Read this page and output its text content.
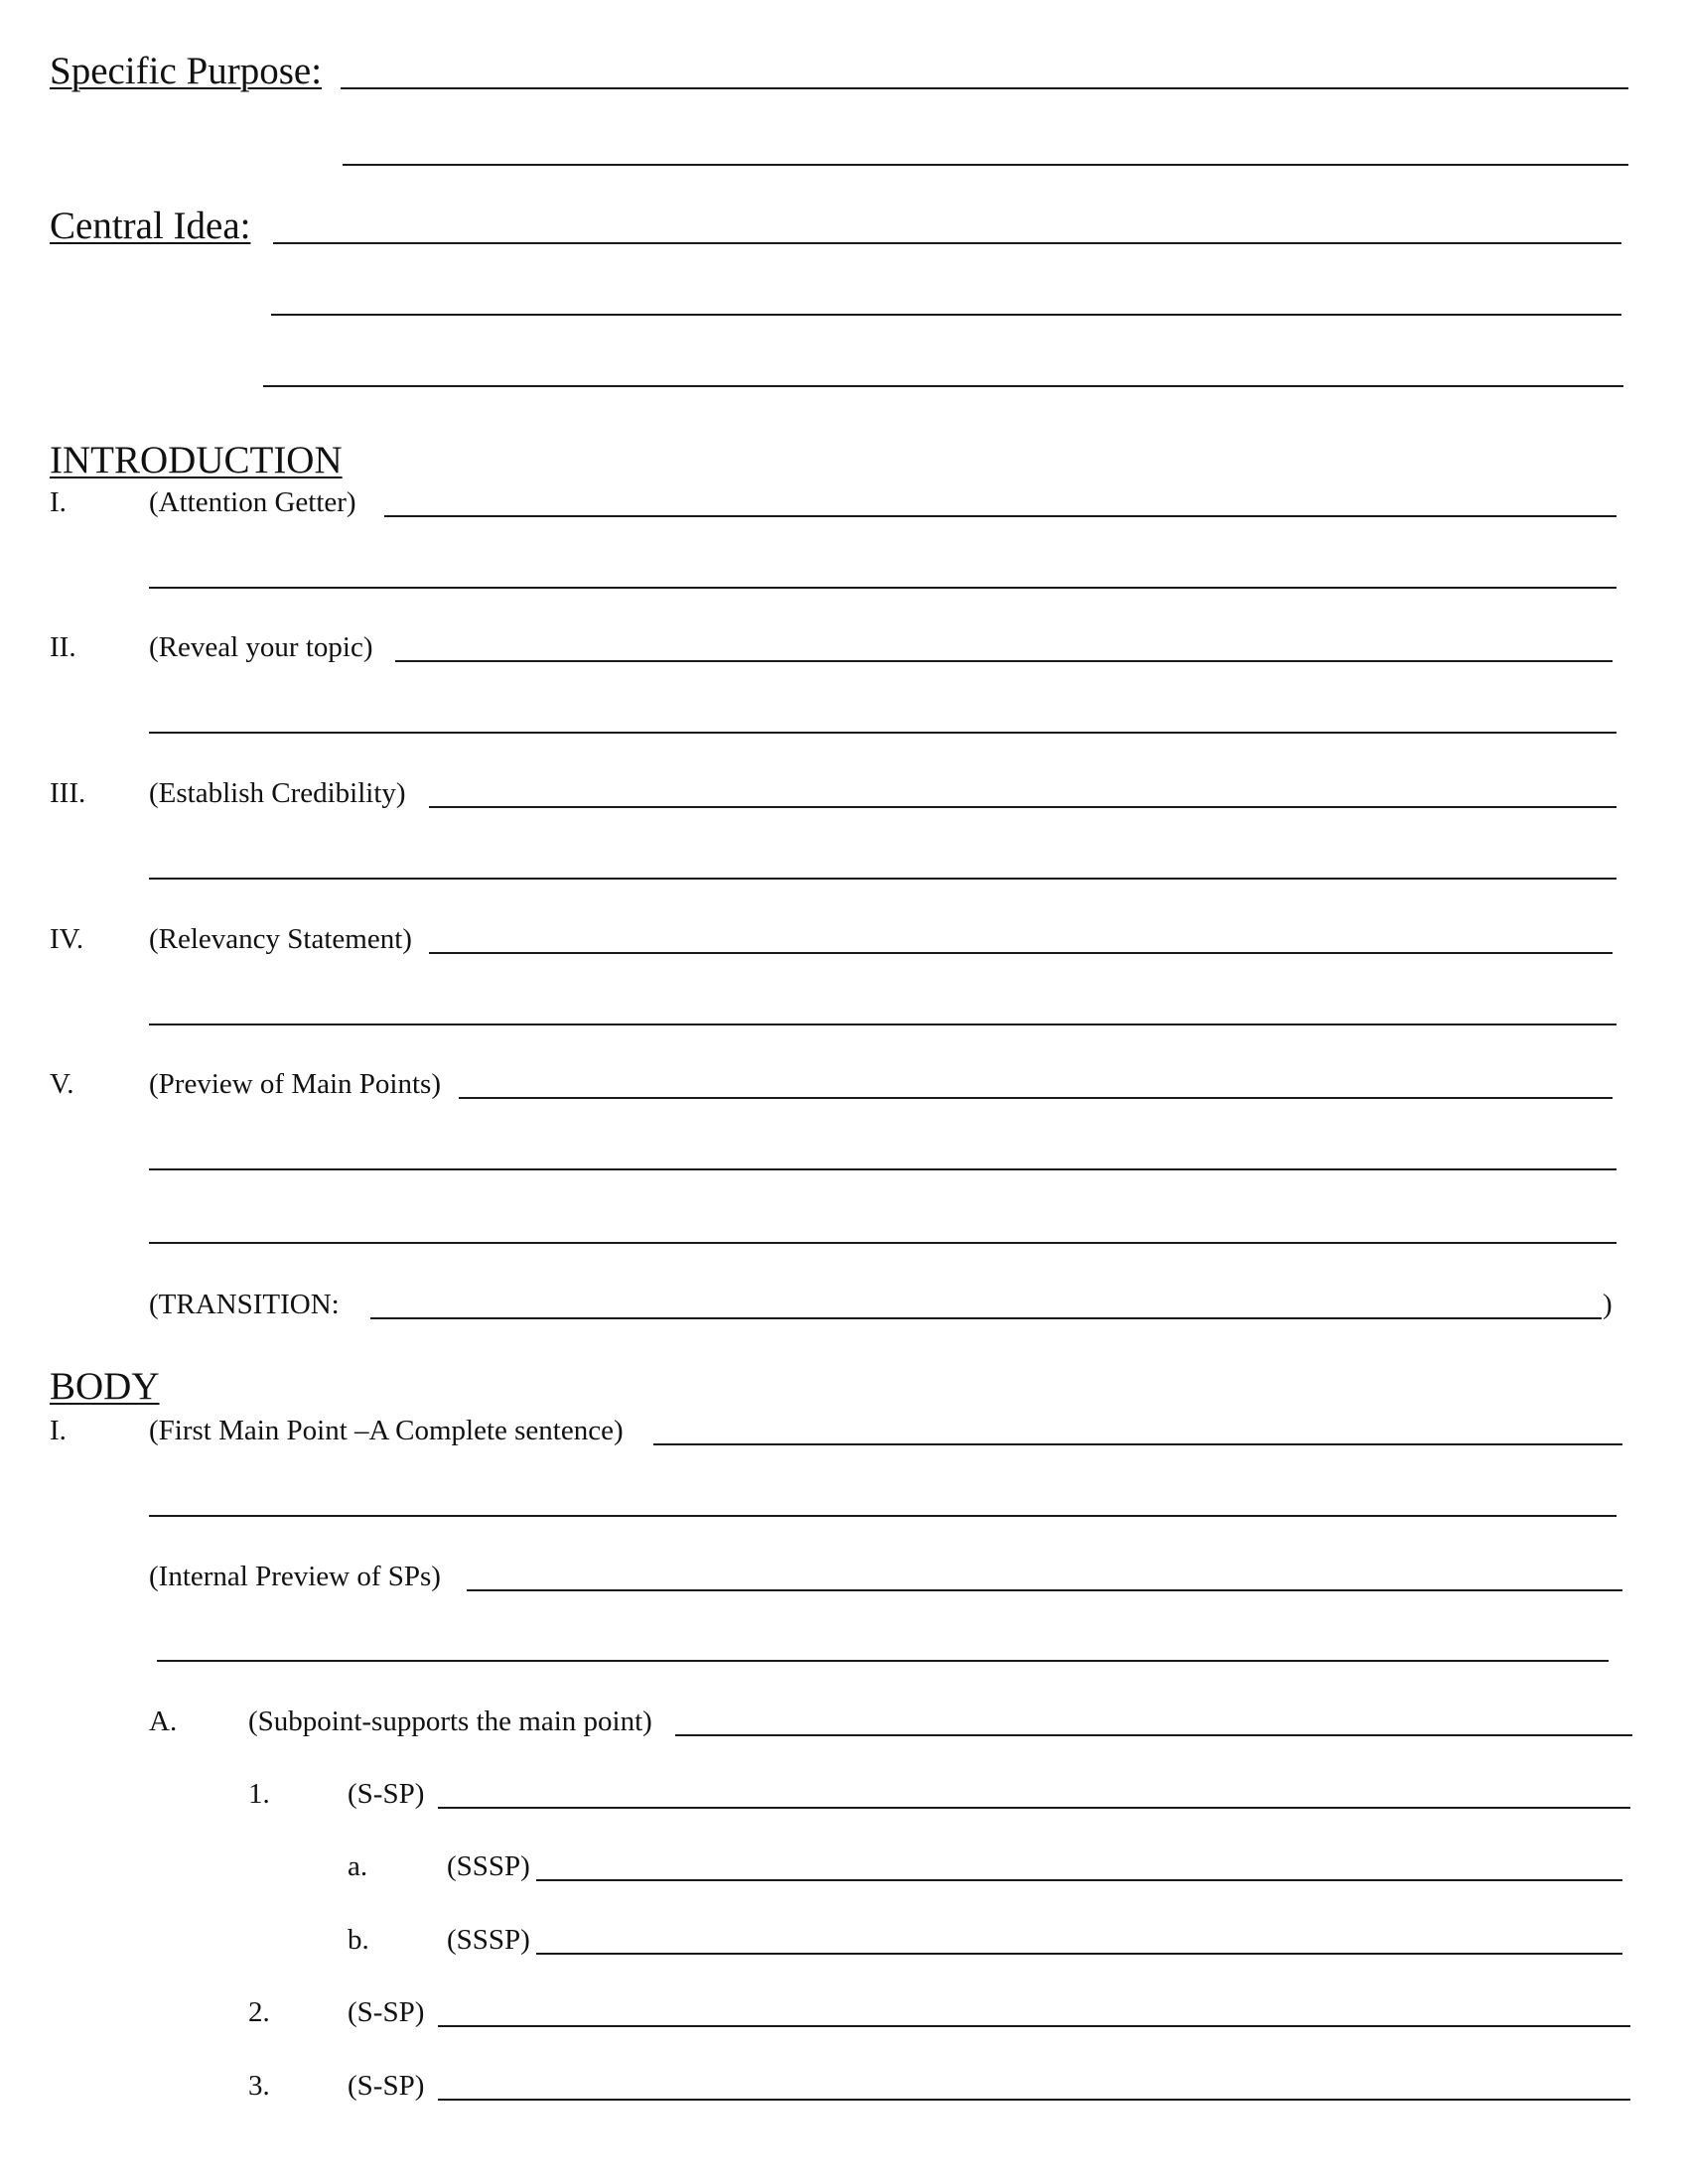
Specific Purpose:
Central Idea:
INTRODUCTION
I.	(Attention Getter)
II.	(Reveal your topic)
III. (Establish Credibility)
IV. (Relevancy Statement)
V.	(Preview of Main Points)
(TRANSITION:	)
BODY
I.	(First Main Point –A Complete sentence)
(Internal Preview of SPs)
A. (Subpoint-supports the main point)
1.	(S-SP)
a.	(SSSP)
b.	(SSSP)
2.	(S-SP)
3.	(S-SP)
